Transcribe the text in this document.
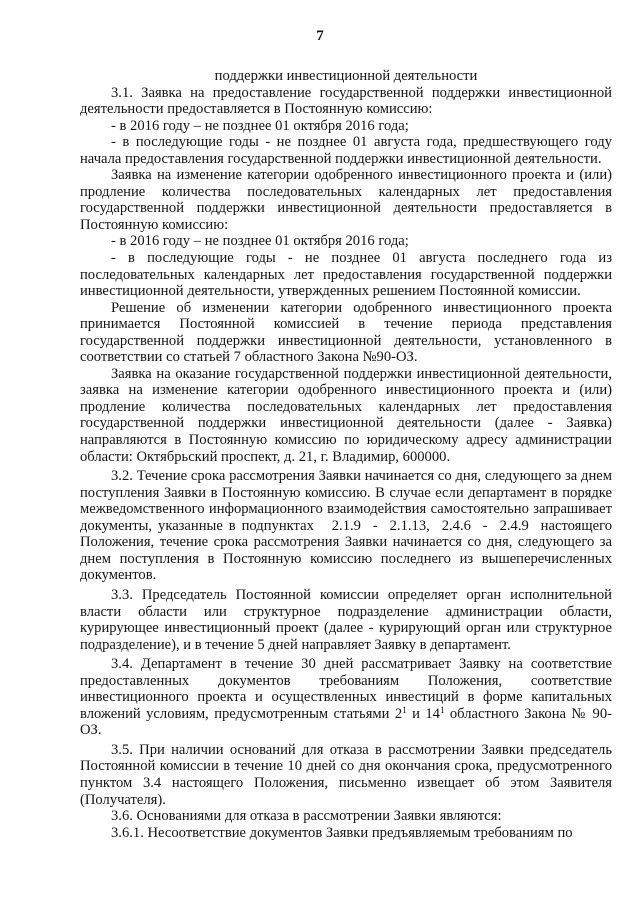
7

поддержки инвестиционной деятельности

3.1. Заявка на предоставление государственной поддержки инвестиционной деятельности предоставляется в Постоянную комиссию:

- в 2016 году – не позднее 01 октября 2016 года;

- в последующие годы - не позднее 01 августа года, предшествующего году начала предоставления государственной поддержки инвестиционной деятельности.

Заявка на изменение категории одобренного инвестиционного проекта и (или) продление количества последовательных календарных лет предоставления государственной поддержки инвестиционной деятельности предоставляется в Постоянную комиссию:

- в 2016 году – не позднее 01 октября 2016 года;

- в последующие годы - не позднее 01 августа последнего года из последовательных календарных лет предоставления государственной поддержки инвестиционной деятельности, утвержденных решением Постоянной комиссии.

Решение об изменении категории одобренного инвестиционного проекта принимается Постоянной комиссией в течение периода представления государственной поддержки инвестиционной деятельности, установленного в соответствии со статьей 7 областного Закона №90-ОЗ.

Заявка на оказание государственной поддержки инвестиционной деятельности, заявка на изменение категории одобренного инвестиционного проекта и (или) продление количества последовательных календарных лет предоставления государственной поддержки инвестиционной деятельности (далее - Заявка) направляются в Постоянную комиссию по юридическому адресу администрации области: Октябрьский проспект, д. 21, г. Владимир, 600000.

3.2. Течение срока рассмотрения Заявки начинается со дня, следующего за днем поступления Заявки в Постоянную комиссию. В случае если департамент в порядке межведомственного информационного взаимодействия самостоятельно запрашивает документы, указанные в подпунктах   2.1.9  -  2.1.13,  2.4.6  -  2.4.9  настоящего Положения, течение срока рассмотрения Заявки начинается со дня, следующего за днем поступления в Постоянную комиссию последнего из вышеперечисленных документов.

3.3. Председатель Постоянной комиссии определяет орган исполнительной власти области или структурное подразделение администрации области, курирующее инвестиционный проект (далее - курирующий орган или структурное подразделение), и в течение 5 дней направляет Заявку в департамент.

3.4. Департамент в течение 30 дней рассматривает Заявку на соответствие предоставленных документов требованиям Положения, соответствие инвестиционного проекта и осуществленных инвестиций в форме капитальных вложений условиям, предусмотренным статьями $2^1$ и $14^1$ областного Закона № 90-ОЗ.

3.5. При наличии оснований для отказа в рассмотрении Заявки председатель Постоянной комиссии в течение 10 дней со дня окончания срока, предусмотренного пунктом 3.4 настоящего Положения, письменно извещает об этом Заявителя (Получателя).

3.6. Основаниями для отказа в рассмотрении Заявки являются:

3.6.1. Несоответствие документов Заявки предъявляемым требованиям по
